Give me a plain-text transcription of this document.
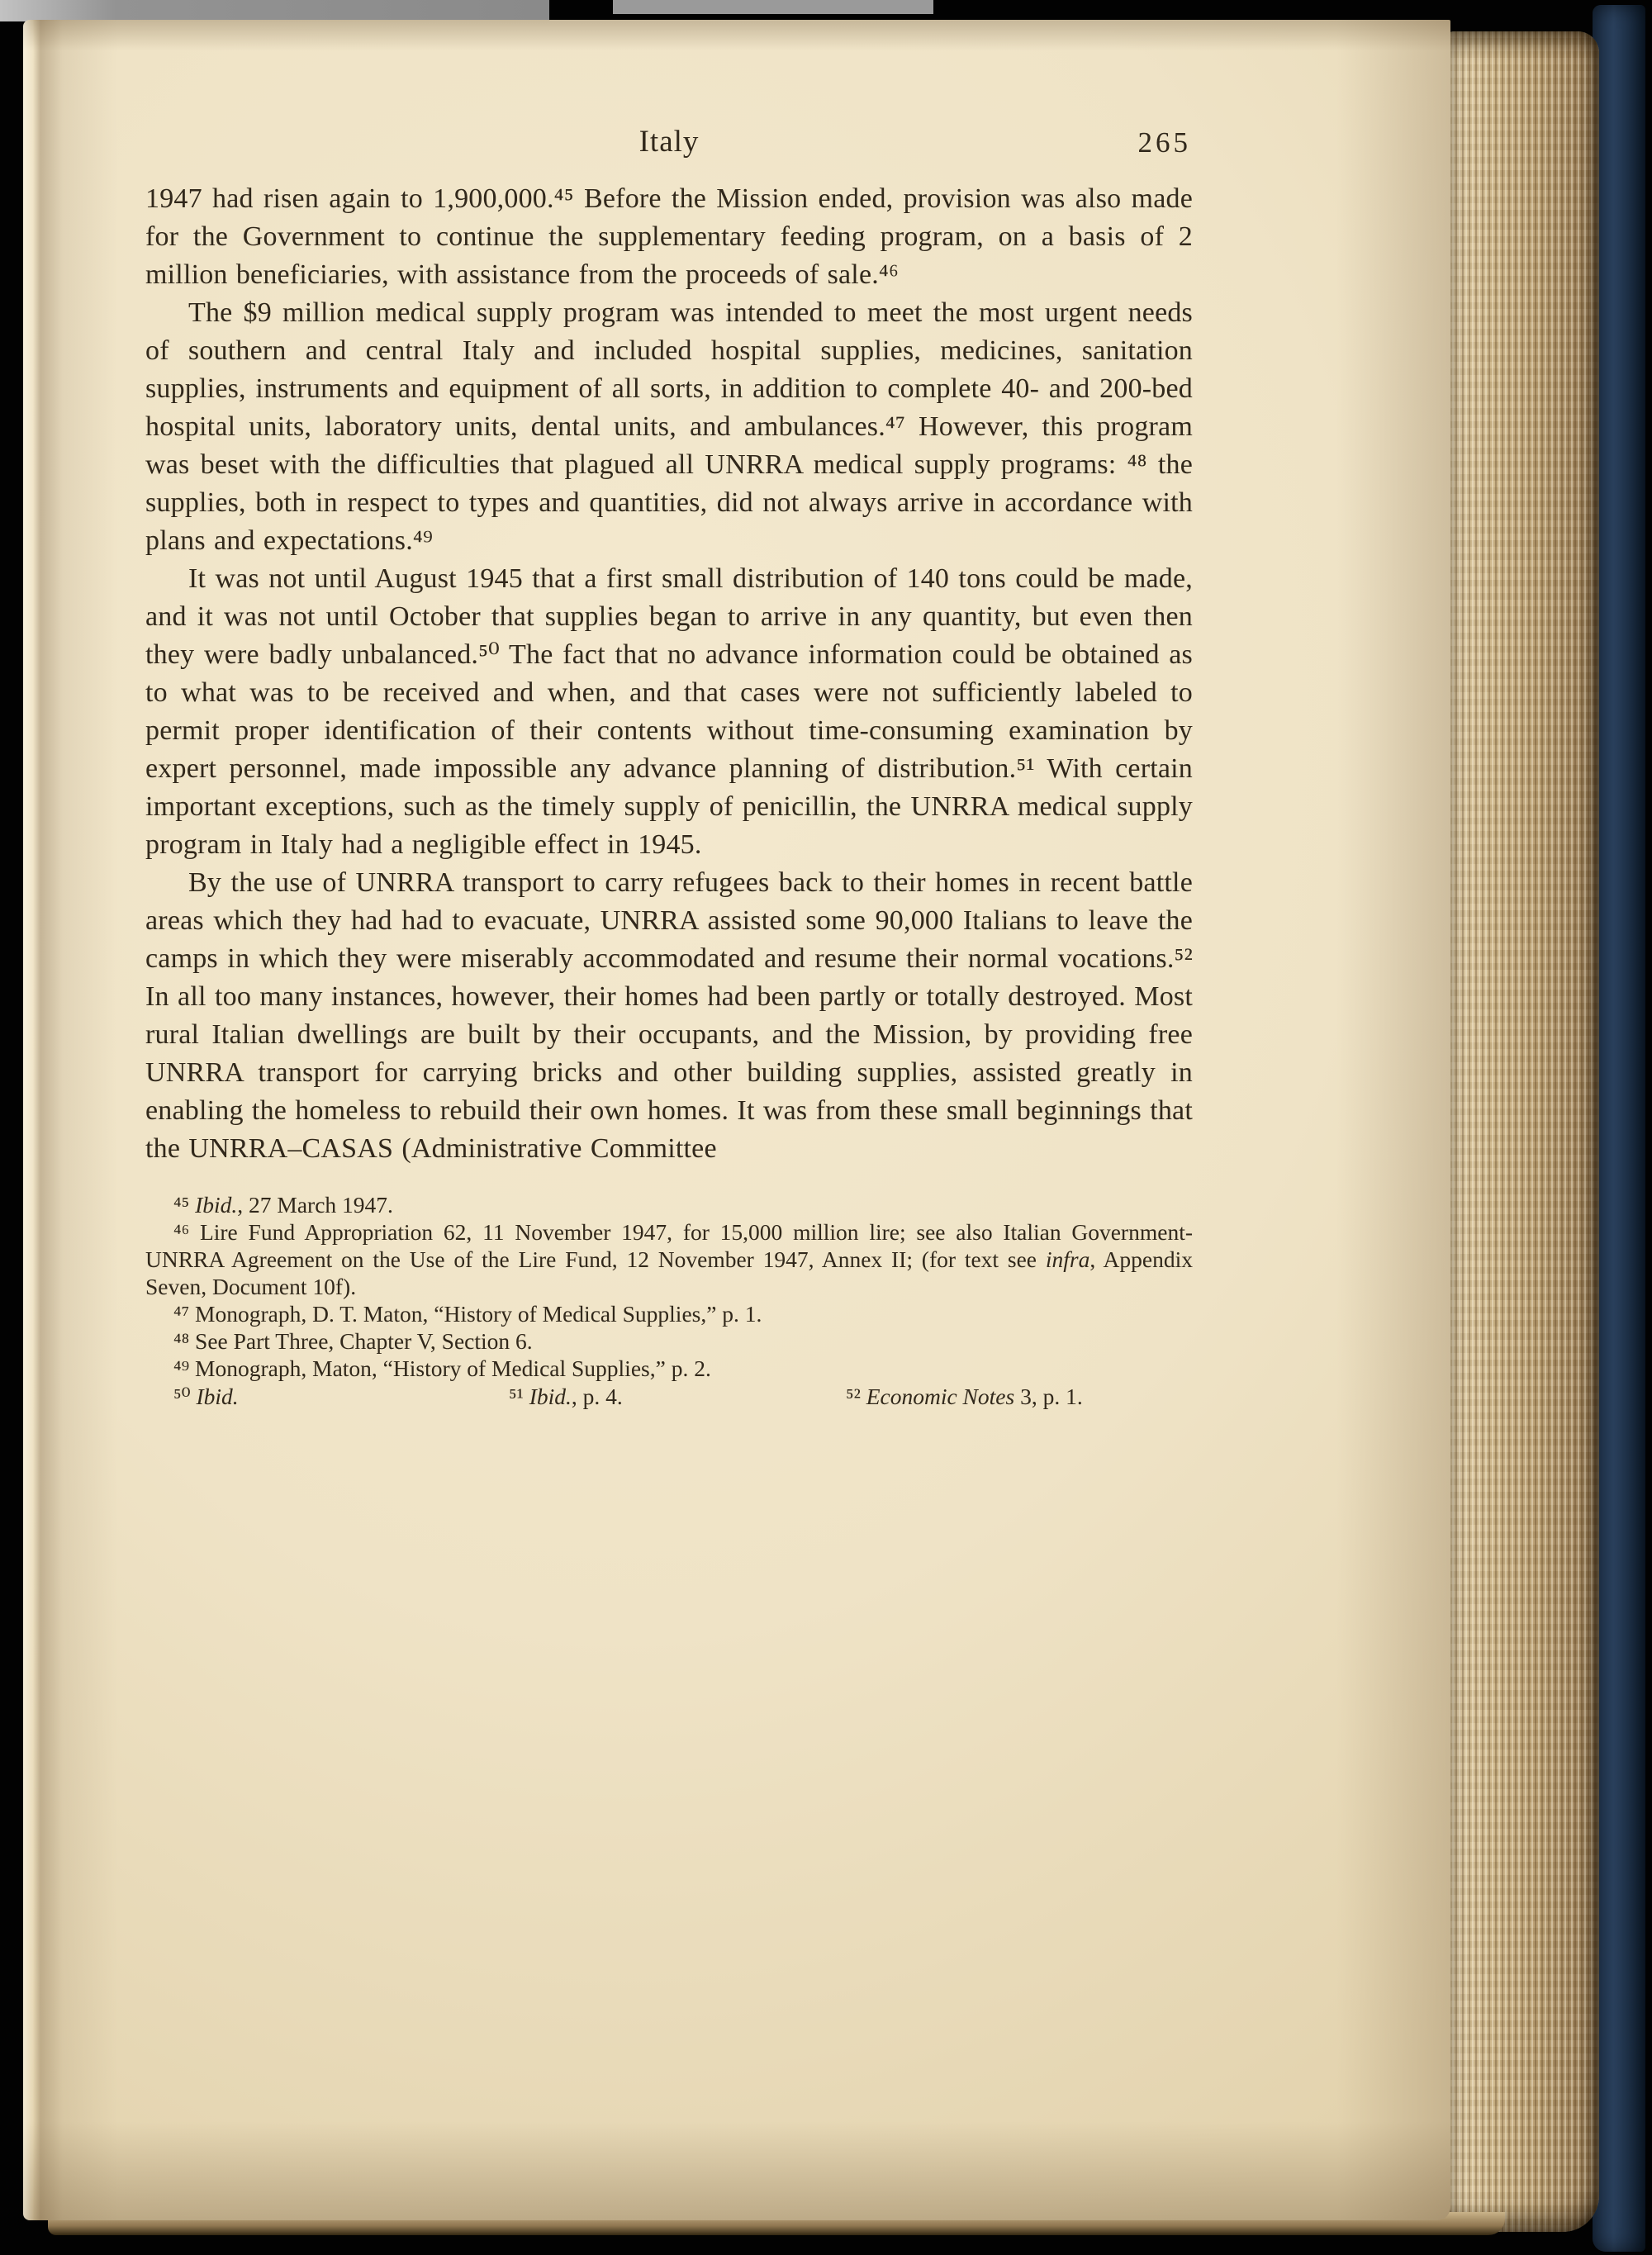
Italy	265

1947 had risen again to 1,900,000.⁴⁵ Before the Mission ended, provision was also made for the Government to continue the supplementary feeding program, on a basis of 2 million beneficiaries, with assistance from the proceeds of sale.⁴⁶

The $9 million medical supply program was intended to meet the most urgent needs of southern and central Italy and included hospital supplies, medicines, sanitation supplies, instruments and equipment of all sorts, in addition to complete 40- and 200-bed hospital units, laboratory units, dental units, and ambulances.⁴⁷ However, this program was beset with the difficulties that plagued all UNRRA medical supply programs: ⁴⁸ the supplies, both in respect to types and quantities, did not always arrive in accordance with plans and expectations.⁴⁹

It was not until August 1945 that a first small distribution of 140 tons could be made, and it was not until October that supplies began to arrive in any quantity, but even then they were badly unbalanced.⁵⁰ The fact that no advance information could be obtained as to what was to be received and when, and that cases were not sufficiently labeled to permit proper identification of their contents without time-consuming examination by expert personnel, made impossible any advance planning of distribution.⁵¹ With certain important exceptions, such as the timely supply of penicillin, the UNRRA medical supply program in Italy had a negligible effect in 1945.

By the use of UNRRA transport to carry refugees back to their homes in recent battle areas which they had had to evacuate, UNRRA assisted some 90,000 Italians to leave the camps in which they were miserably accommodated and resume their normal vocations.⁵² In all too many instances, however, their homes had been partly or totally destroyed. Most rural Italian dwellings are built by their occupants, and the Mission, by providing free UNRRA transport for carrying bricks and other building supplies, assisted greatly in enabling the homeless to rebuild their own homes. It was from these small beginnings that the UNRRA–CASAS (Administrative Committee

⁴⁵ Ibid., 27 March 1947.

⁴⁶ Lire Fund Appropriation 62, 11 November 1947, for 15,000 million lire; see also Italian Government-UNRRA Agreement on the Use of the Lire Fund, 12 November 1947, Annex II; (for text see infra, Appendix Seven, Document 10f).

⁴⁷ Monograph, D. T. Maton, “History of Medical Supplies,” p. 1.

⁴⁸ See Part Three, Chapter V, Section 6.

⁴⁹ Monograph, Maton, “History of Medical Supplies,” p. 2.

⁵⁰ Ibid.	⁵¹ Ibid., p. 4.	⁵² Economic Notes 3, p. 1.
